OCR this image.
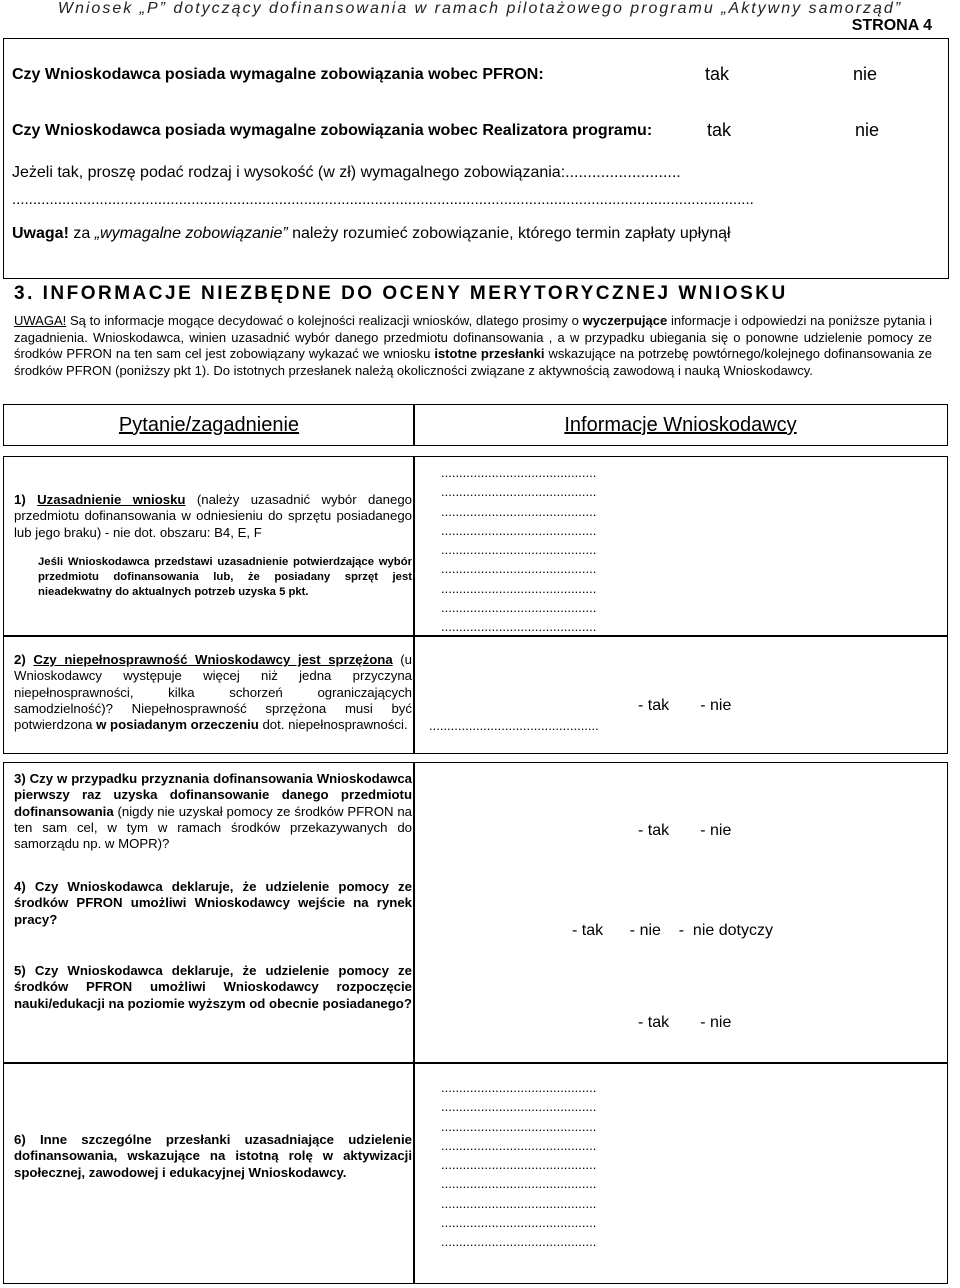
Wniosek „P” dotyczący dofinansowania w ramach pilotażowego programu „Aktywny samorząd”
STRONA 4
Czy Wnioskodawca posiada wymagalne zobowiązania wobec PFRON:	tak	nie
Czy Wnioskodawca posiada wymagalne zobowiązania wobec Realizatora programu:	tak	nie
Jeżeli tak, proszę podać rodzaj i wysokość (w zł) wymagalnego zobowiązania:..........................
..................................................................................................................................................................................
Uwaga! za „wymagalne zobowiązanie” należy rozumieć zobowiązanie, którego termin zapłaty upłynął
3. INFORMACJE NIEZBĘDNE DO OCENY MERYTORYCZNEJ WNIOSKU
UWAGA! Są to informacje mogące decydować o kolejności realizacji wniosków, dlatego prosimy o wyczerpujące informacje i odpowiedzi na poniższe pytania i zagadnienia. Wnioskodawca, winien uzasadnić wybór danego przedmiotu dofinansowania , a w przypadku ubiegania się o ponowne udzielenie pomocy ze środków PFRON na ten sam cel jest zobowiązany wykazać we wniosku istotne przesłanki wskazujące na potrzebę powtórnego/kolejnego dofinansowania ze środków PFRON (poniższy pkt 1). Do istotnych przesłanek należą okoliczności związane z aktywnością zawodową i nauką Wnioskodawcy.
Pytanie/zagadnienie	Informacje Wnioskodawcy
1) Uzasadnienie wniosku (należy uzasadnić wybór danego przedmiotu dofinansowania w odniesieniu do sprzętu posiadanego lub jego braku) - nie dot. obszaru: B4, E, F
Jeśli Wnioskodawca przedstawi uzasadnienie potwierdzające wybór przedmiotu dofinansowania lub, że posiadany sprzęt jest nieadekwatny do aktualnych potrzeb uzyska 5 pkt.
...........................................
...........................................
...........................................
...........................................
...........................................
...........................................
...........................................
...........................................
...........................................
2) Czy niepełnosprawność Wnioskodawcy jest sprzężona (u Wnioskodawcy występuje więcej niż jedna przyczyna niepełnosprawności, kilka schorzeń ograniczających samodzielność)? Niepełnosprawność sprzężona musi być potwierdzona w posiadanym orzeczeniu dot. niepełnosprawności.
- tak       - nie
...............................................
3) Czy w przypadku przyznania dofinansowania Wnioskodawca pierwszy raz uzyska dofinansowanie danego przedmiotu dofinansowania (nigdy nie uzyskał pomocy ze środków PFRON na ten sam cel, w tym w ramach środków przekazywanych do samorządu np. w MOPR)?
- tak       - nie
4) Czy Wnioskodawca deklaruje, że udzielenie pomocy ze środków PFRON umożliwi Wnioskodawcy wejście na rynek pracy?
- tak      - nie    -  nie dotyczy
5) Czy Wnioskodawca deklaruje, że udzielenie pomocy ze środków PFRON umożliwi Wnioskodawcy rozpoczęcie nauki/edukacji na poziomie wyższym od obecnie posiadanego?
- tak       - nie
6) Inne szczególne przesłanki uzasadniające udzielenie dofinansowania, wskazujące na istotną rolę w aktywizacji społecznej, zawodowej i edukacyjnej Wnioskodawcy.
...........................................
...........................................
...........................................
...........................................
...........................................
...........................................
...........................................
...........................................
...........................................
